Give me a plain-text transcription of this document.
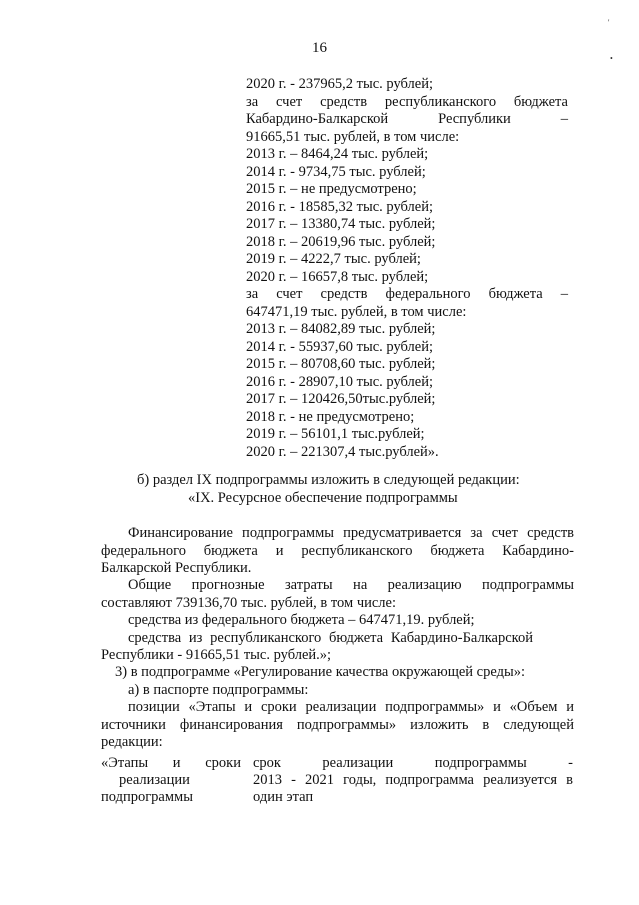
16
'
•
2020 г. - 237965,2 тыс. рублей;
за счет средств республиканского бюджета
Кабардино-Балкарской Республики –
91665,51 тыс. рублей, в том числе:
2013 г. – 8464,24 тыс. рублей;
2014 г. - 9734,75 тыс. рублей;
2015 г. – не предусмотрено;
2016 г. - 18585,32 тыс. рублей;
2017 г. – 13380,74 тыс. рублей;
2018 г. – 20619,96 тыс. рублей;
2019 г. – 4222,7 тыс. рублей;
2020 г. – 16657,8 тыс. рублей;
за счет средств федерального бюджета –
647471,19 тыс. рублей, в том числе:
2013 г. – 84082,89 тыс. рублей;
2014 г. - 55937,60 тыс. рублей;
2015 г. – 80708,60 тыс. рублей;
2016 г. - 28907,10 тыс. рублей;
2017 г. – 120426,50тыс.рублей;
2018 г. - не предусмотрено;
2019 г. – 56101,1 тыс.рублей;
2020 г. – 221307,4 тыс.рублей».
б) раздел IX подпрограммы изложить в следующей редакции:
«IX. Ресурсное обеспечение подпрограммы
Финансирование подпрограммы предусматривается за счет средств
федерального бюджета и республиканского бюджета Кабардино-
Балкарской Республики.
Общие прогнозные затраты на реализацию подпрограммы
составляют 739136,70 тыс. рублей, в том числе:
средства из федерального бюджета – 647471,19. рублей;
средства из республиканского бюджета Кабардино-Балкарской
Республики - 91665,51 тыс. рублей.»;
3) в подпрограмме «Регулирование качества окружающей среды»:
а) в паспорте подпрограммы:
позиции «Этапы и сроки реализации подпрограммы» и «Объем и
источники финансирования подпрограммы» изложить в следующей
редакции:
«Этапы и сроки
реализации
подпрограммы
срок реализации подпрограммы -
2013 - 2021 годы, подпрограмма реализуется в
один этап
